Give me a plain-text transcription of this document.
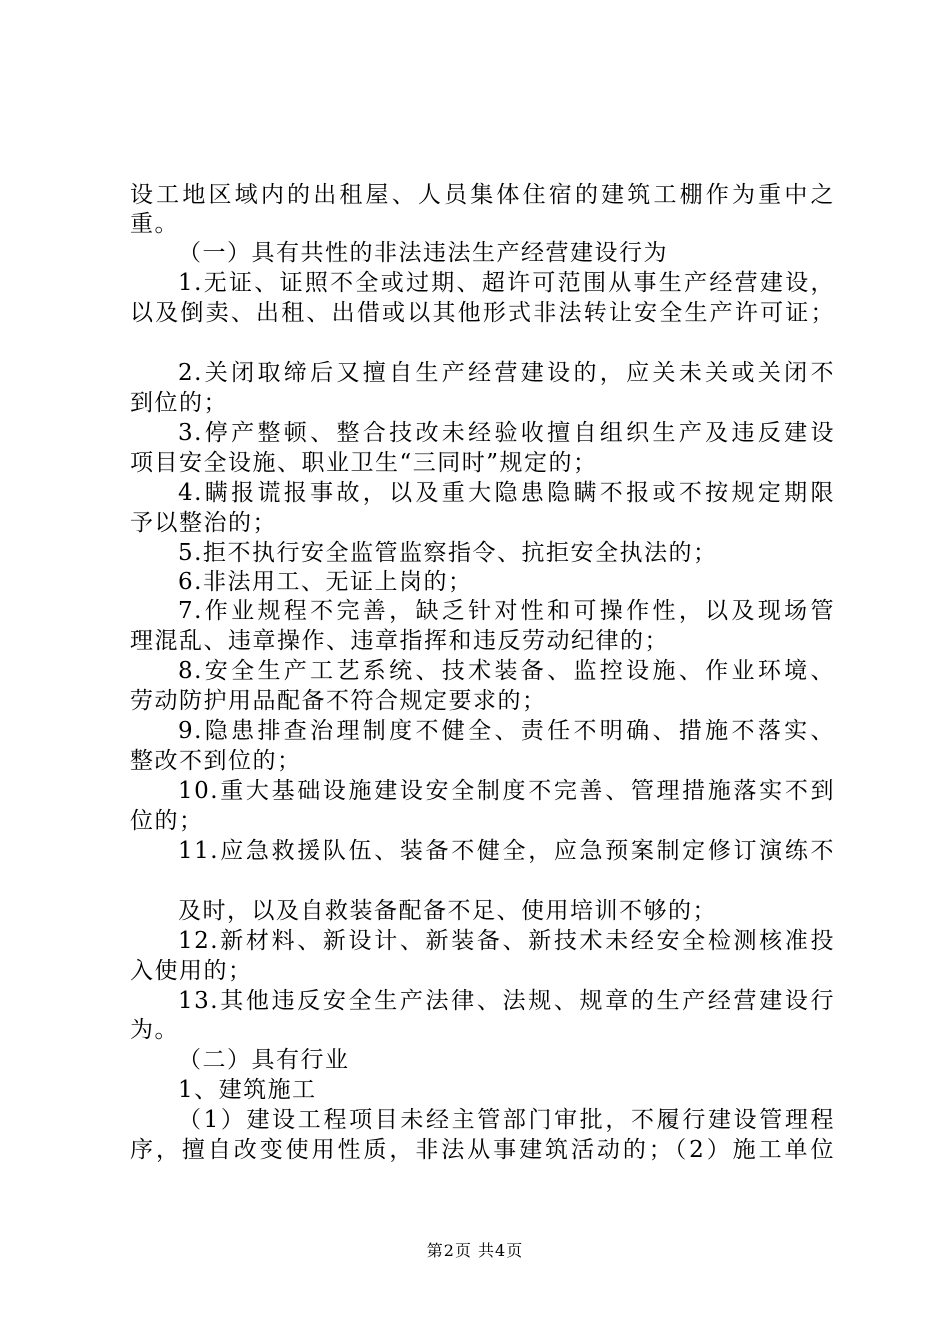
设工地区域内的出租屋、人员集体住宿的建筑工棚作为重中之
重。
（一）具有共性的非法违法生产经营建设行为
1.无证、证照不全或过期、超许可范围从事生产经营建设，
以及倒卖、出租、出借或以其他形式非法转让安全生产许可证；
2.关闭取缔后又擅自生产经营建设的，应关未关或关闭不
到位的；
3.停产整顿、整合技改未经验收擅自组织生产及违反建设
项目安全设施、职业卫生“三同时”规定的；
4.瞒报谎报事故，以及重大隐患隐瞒不报或不按规定期限
予以整治的；
5.拒不执行安全监管监察指令、抗拒安全执法的；
6.非法用工、无证上岗的；
7.作业规程不完善，缺乏针对性和可操作性，以及现场管
理混乱、违章操作、违章指挥和违反劳动纪律的；
8.安全生产工艺系统、技术装备、监控设施、作业环境、
劳动防护用品配备不符合规定要求的；
9.隐患排查治理制度不健全、责任不明确、措施不落实、
整改不到位的；
10.重大基础设施建设安全制度不完善、管理措施落实不到
位的；
11.应急救援队伍、装备不健全，应急预案制定修订演练不
及时，以及自救装备配备不足、使用培训不够的；
12.新材料、新设计、新装备、新技术未经安全检测核准投
入使用的；
13.其他违反安全生产法律、法规、规章的生产经营建设行
为。
（二）具有行业
1、建筑施工
（1）建设工程项目未经主管部门审批，不履行建设管理程
序，擅自改变使用性质，非法从事建筑活动的；（2）施工单位
第2页 共4页
